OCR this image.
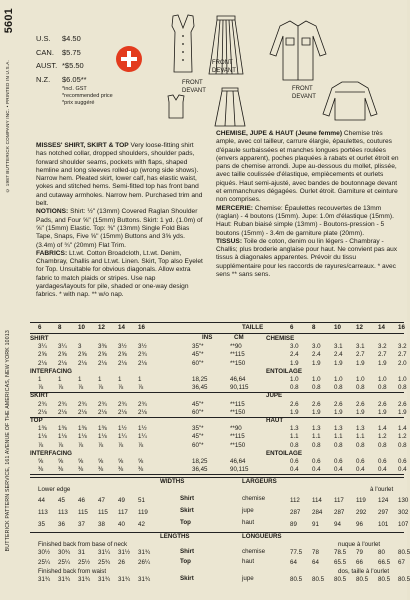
5601
© 1987 BUTTERICK COMPANY INC. • PRINTED IN U.S.A.
BUTTERICK PATTERN SERVICE, 161 AVENUE OF THE AMERICAS, NEW YORK 10013
U.S.	$4.50
CAN.	$5.75
AUST. *$5.50
N.Z.	$6.05**
*incl. GST
*recommended price
*prix suggéré
FRONT
FRONT
FRONT
DEVANT
DEVANT
DEVANT
MISSES' SHIRT, SKIRT & TOP Very loose-fitting shirt has notched collar, dropped shoulders, shoulder pads, forward shoulder seams, pockets with flaps, shaped hemline and long sleeves rolled-up (wrong side shows). Narrow hem. Pleated skirt, lower calf, has elastic waist, yokes and stitched hems. Semi-fitted top has front band and cutaway armholes. Narrow hem. Purchased trim and belt.
NOTIONS: Shirt: ½" (13mm) Covered Raglan Shoulder Pads, and Four ⅝" (15mm) Buttons. Skirt: 1 yd. (1.0m) of ⅝" (15mm) Elastic. Top: ⅜" (13mm) Single Fold Bias Tape, Snaps, Five ⅝" (15mm) Buttons and 3⅝ yds. (3.4m) of ¾" (20mm) Flat Trim.
FABRICS: Lt.wt. Cotton Broadcloth, Lt.wt. Denim, Chambray, Challis and Lt.wt. Linen. Skirt, Top also Eyelet for Top. Unsuitable for obvious diagonals. Allow extra fabric to match plaids or stripes. Use nap yardages/layouts for pile, shaded or one-way design fabrics. * with nap. ** w/o nap.
CHEMISE, JUPE & HAUT (Jeune femme) Chemise très ample, avec col tailleur, carrure élargie, épaulettes, coutures d'épaule surbaissées et manches longues portées roulées (envers apparent), poches plaquées à rabats et ourlet étroit en pans de chemise arrondi. Jupe au-dessous du mollet, plissée, avec taille coulissée d'élastique, empiècements et ourlets piqués. Haut semi-ajusté, avec bandes de boutonnage devant et emmanchures dégagées. Ourlet étroit. Garniture et ceinture non comprises.
MERCERIE: Chemise: Épaulettes recouvertes de 13mm (raglan) - 4 boutons (15mm). Jupe: 1.0m d'élastique (15mm). Haut: Ruban biaisé simple (13mm) - Boutons-pression - 5 boutons (15mm) - 3.4m de garniture plate (20mm).
TISSUS: Toile de coton, denim ou lin légers - Chambray - Challis; plus broderie anglaise pour haut. Ne convient pas aux tissus à diagonales apparentes. Prévoir du tissu supplémentaire pour les raccords de rayures/carreaux. * avec sens ** sans sens.
6	8	10 12 14 16	TAILLE	6	8	10 12 14 16
INS	CM
SHIRT	CHEMISE
3¼ 3¼ 3	3⅜ 3½ 3½	35"*	**90	3.0 3.0 3.1 3.1 3.2 3.2
2⅝ 2⅝ 2⅝ 2⅝ 2⅝ 2¾	45"*	**115	2.4 2.4 2.4 2.7 2.7 2.7
2⅛ 2⅛ 2⅛ 2⅛ 2⅛ 2⅛	60"*	**150	1.9 1.9 1.9 1.9 1.9 2.0
INTERFACING	ENTOILAGE
1	1	1	1	1	1	18,25	46,64	1.0 1.0 1.0 1.0 1.0 1.0
⅞ ⅞ ⅞ ⅞ ⅞ ⅞	36,45	90,115	0.8 0.8 0.8 0.8 0.8 0.8
SKIRT	JUPE
2¾ 2¾ 2¾ 2¾ 2¾ 2¾	45"*	**115	2.6 2.6 2.6 2.6 2.6 2.6
2⅛ 2⅛ 2⅛ 2⅛ 2⅛ 2⅛	60"*	**150	1.9 1.9 1.9 1.9 1.9 1.9
TOP	HAUT
1⅜ 1⅜ 1⅜ 1⅜ 1½ 1½	35"*	**90	1.3 1.3 1.3 1.3 1.4 1.4
1⅛ 1⅛ 1⅛ 1⅛ 1¼ 1¼	45"*	**115	1.1 1.1 1.1 1.1 1.2 1.2
⅞ ⅞ ⅞ ⅞ ⅞ ⅞	60"*	**150	0.8 0.8 0.8 0.8 0.8 0.8
INTERFACING	ENTOILAGE
⅝ ⅝ ⅝ ⅝ ⅝ ⅝	18,25	46,64	0.6 0.6 0.6 0.6 0.6 0.6
⅜ ⅜ ⅜ ⅜ ⅜ ⅜	36,45	90,115	0.4 0.4 0.4 0.4 0.4 0.4
WIDTHS	LARGEURS
Lower edge	à l'ourlet
44 45 46 47 49 51	Shirt	chemise	112 114 117 119 124 130
113 113 115 115 117 119	Skirt	jupe	287 284 287 292 297 302
35 36 37 38 40 42	Top	haut	89 91 94 96 101 107
LENGTHS	LONGUEURS
Finished back from base of neck	nuque à l'ourlet
30½ 30¾ 31 31¼ 31½ 31¾	Shirt	chemise	77.5 78 78.5 79 80 80.5
25¼ 25¼ 25½ 25¾ 26 26¼	Top	haut	64 64 65.5 66 66.5 67
Finished back from waist	dos, taille à l'ourlet
31¾ 31¾ 31¾ 31¾ 31¾ 31¾	Skirt	jupe	80.5 80.5 80.5 80.5 80.5 80.5
